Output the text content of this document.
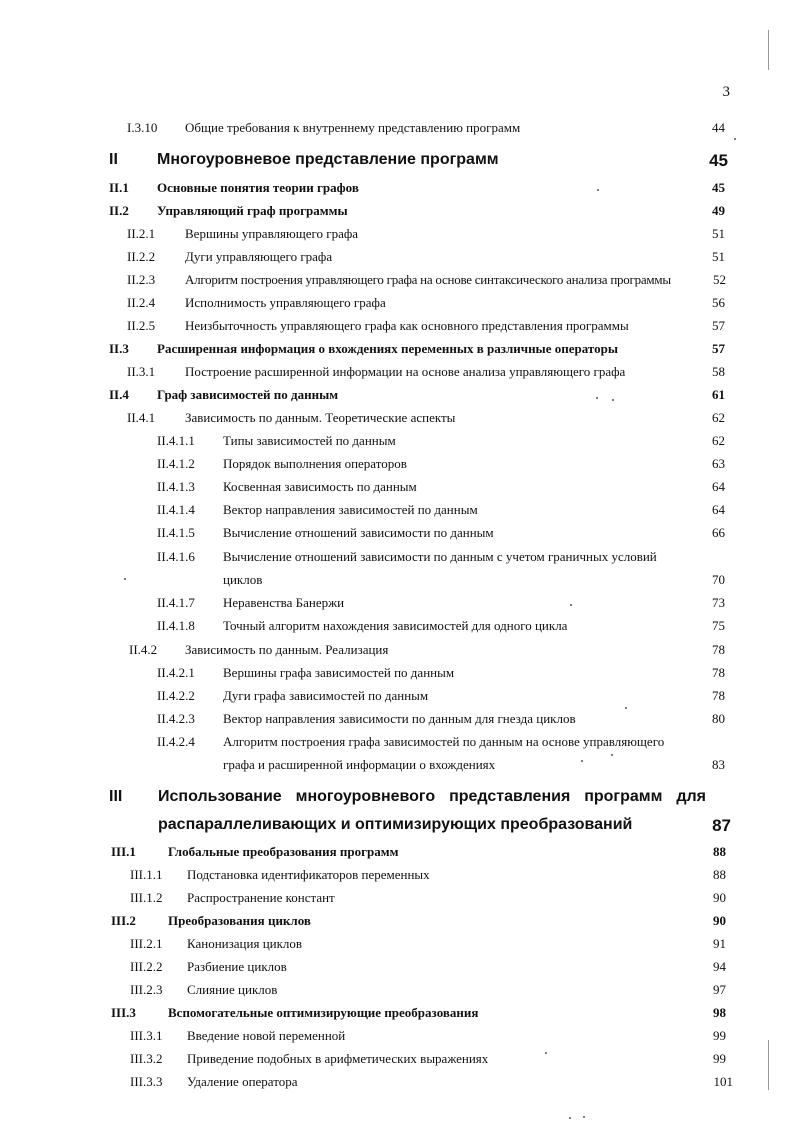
3
I.3.10 Общие требования к внутреннему представлению программ	44
II Многоуровневое представление программ	45
II.1 Основные понятия теории графов	45
II.2 Управляющий граф программы	49
II.2.1 Вершины управляющего графа	51
II.2.2 Дуги управляющего графа	51
II.2.3 Алгоритм построения управляющего графа на основе синтаксического анализа программы	52
II.2.4 Исполнимость управляющего графа	56
II.2.5 Неизбыточность управляющего графа как основного представления программы	57
II.3 Расширенная информация о вхождениях переменных в различные операторы	57
II.3.1 Построение расширенной информации на основе анализа управляющего графа	58
II.4 Граф зависимостей по данным	61
II.4.1 Зависимость по данным. Теоретические аспекты	62
II.4.1.1 Типы зависимостей по данным	62
II.4.1.2 Порядок выполнения операторов	63
II.4.1.3 Косвенная зависимость по данным	64
II.4.1.4 Вектор направления зависимостей по данным	64
II.4.1.5 Вычисление отношений зависимости по данным	66
II.4.1.6 Вычисление отношений зависимости по данным с учетом граничных условий
циклов	70
II.4.1.7 Неравенства Банержи	73
II.4.1.8 Точный алгоритм нахождения зависимостей для одного цикла	75
II.4.2 Зависимость по данным. Реализация	78
II.4.2.1 Вершины графа зависимостей по данным	78
II.4.2.2 Дуги графа зависимостей по данным	78
II.4.2.3 Вектор направления зависимости по данным для гнезда циклов	80
II.4.2.4 Алгоритм построения графа зависимостей по данным на основе управляющего
графа и расширенной информации о вхождениях	83
III Использование многоуровневого представления программ для
распараллеливающих и оптимизирующих преобразований	87
III.1 Глобальные преобразования программ	88
III.1.1 Подстановка идентификаторов переменных	88
III.1.2 Распространение констант	90
III.2 Преобразования циклов	90
III.2.1 Канонизация циклов	91
III.2.2 Разбиение циклов	94
III.2.3 Слияние циклов	97
III.3 Вспомогательные оптимизирующие преобразования	98
III.3.1 Введение новой переменной	99
III.3.2 Приведение подобных в арифметических выражениях	99
III.3.3 Удаление оператора	101
